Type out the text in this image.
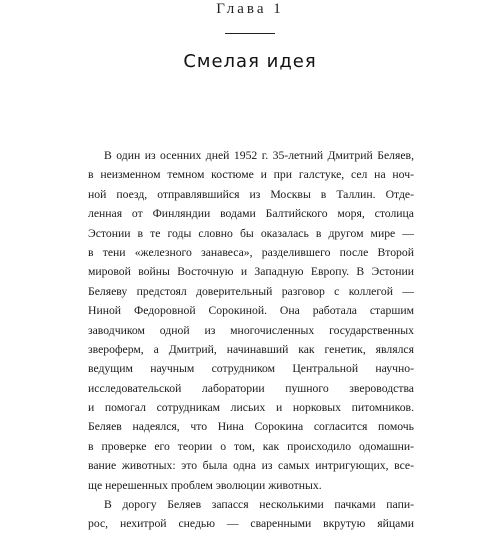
Глава 1
Смелая идея
В один из осенних дней 1952 г. 35-летний Дмитрий Беляев,
в неизменном темном костюме и при галстуке, сел на ноч-
ной поезд, отправлявшийся из Москвы в Таллин. Отде-
ленная от Финляндии водами Балтийского моря, столица
Эстонии в те годы словно бы оказалась в другом мире —
в тени «железного занавеса», разделившего после Второй
мировой войны Восточную и Западную Европу. В Эстонии
Беляеву предстоял доверительный разговор с коллегой —
Ниной Федоровной Сорокиной. Она работала старшим
заводчиком одной из многочисленных государственных
звероферм, а Дмитрий, начинавший как генетик, являлся
ведущим научным сотрудником Центральной научно-
исследовательской лаборатории пушного звероводства
и помогал сотрудникам лисьих и норковых питомников.
Беляев надеялся, что Нина Сорокина согласится помочь
в проверке его теории о том, как происходило одомашни-
вание животных: это была одна из самых интригующих, все-
ще нерешенных проблем эволюции животных.
В дорогу Беляев запасся несколькими пачками папи-
рос, нехитрой снедью — сваренными вкрутую яйцами
